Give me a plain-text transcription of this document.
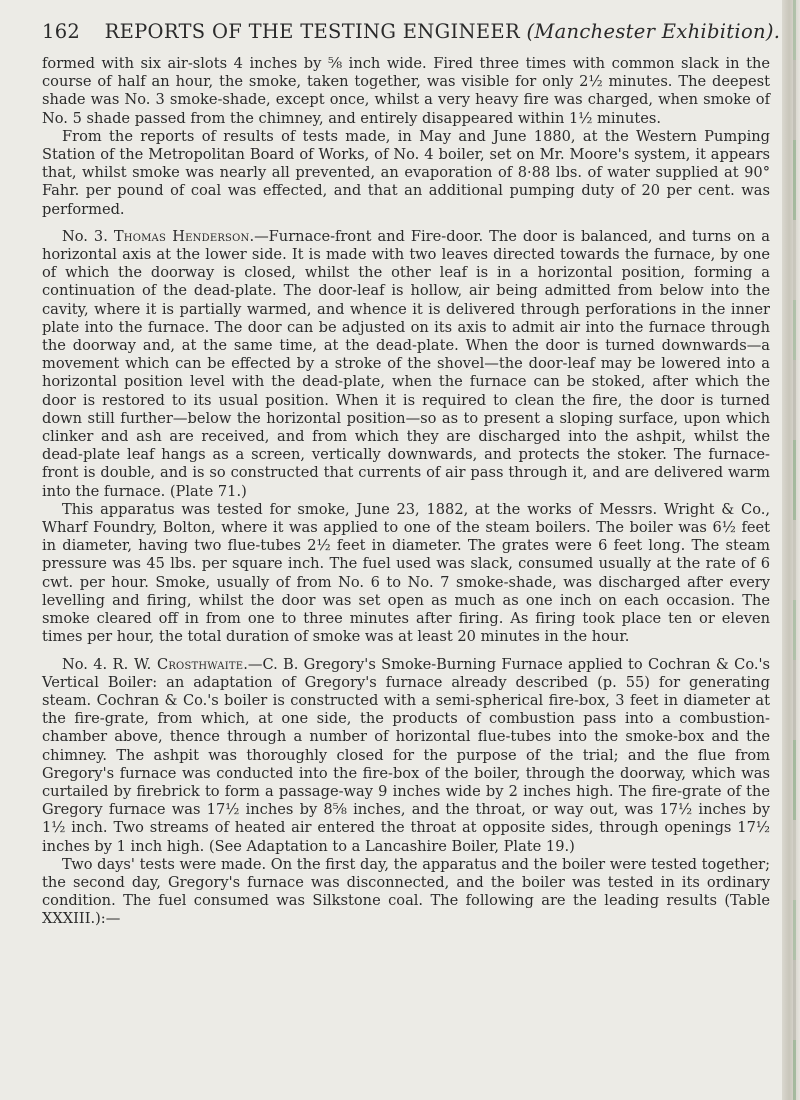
162 REPORTS OF THE TESTING ENGINEER (Manchester Exhibition).

formed with six air-slots 4 inches by ⅝ inch wide. Fired three times with common slack in the course of half an hour, the smoke, taken together, was visible for only 2½ minutes. The deepest shade was No. 3 smoke-shade, except once, whilst a very heavy fire was charged, when smoke of No. 5 shade passed from the chimney, and entirely disappeared within 1½ minutes.

From the reports of results of tests made, in May and June 1880, at the Western Pumping Station of the Metropolitan Board of Works, of No. 4 boiler, set on Mr. Moore's system, it appears that, whilst smoke was nearly all prevented, an evaporation of 8·88 lbs. of water supplied at 90° Fahr. per pound of coal was effected, and that an additional pumping duty of 20 per cent. was performed.

No. 3. Thomas Henderson.—Furnace-front and Fire-door. The door is balanced, and turns on a horizontal axis at the lower side. It is made with two leaves directed towards the furnace, by one of which the doorway is closed, whilst the other leaf is in a horizontal position, forming a continuation of the dead-plate. The door-leaf is hollow, air being admitted from below into the cavity, where it is partially warmed, and whence it is delivered through perforations in the inner plate into the furnace. The door can be adjusted on its axis to admit air into the furnace through the doorway and, at the same time, at the dead-plate. When the door is turned downwards—a movement which can be effected by a stroke of the shovel—the door-leaf may be lowered into a horizontal position level with the dead-plate, when the furnace can be stoked, after which the door is restored to its usual position. When it is required to clean the fire, the door is turned down still further—below the horizontal position—so as to present a sloping surface, upon which clinker and ash are received, and from which they are discharged into the ashpit, whilst the dead-plate leaf hangs as a screen, vertically downwards, and protects the stoker. The furnace-front is double, and is so constructed that currents of air pass through it, and are delivered warm into the furnace. (Plate 71.)

This apparatus was tested for smoke, June 23, 1882, at the works of Messrs. Wright & Co., Wharf Foundry, Bolton, where it was applied to one of the steam boilers. The boiler was 6½ feet in diameter, having two flue-tubes 2½ feet in diameter. The grates were 6 feet long. The steam pressure was 45 lbs. per square inch. The fuel used was slack, consumed usually at the rate of 6 cwt. per hour. Smoke, usually of from No. 6 to No. 7 smoke-shade, was discharged after every levelling and firing, whilst the door was set open as much as one inch on each occasion. The smoke cleared off in from one to three minutes after firing. As firing took place ten or eleven times per hour, the total duration of smoke was at least 20 minutes in the hour.

No. 4. R. W. Crosthwaite.—C. B. Gregory's Smoke-Burning Furnace applied to Cochran & Co.'s Vertical Boiler: an adaptation of Gregory's furnace already described (p. 55) for generating steam. Cochran & Co.'s boiler is constructed with a semi-spherical fire-box, 3 feet in diameter at the fire-grate, from which, at one side, the products of combustion pass into a combustion-chamber above, thence through a number of horizontal flue-tubes into the smoke-box and the chimney. The ashpit was thoroughly closed for the purpose of the trial; and the flue from Gregory's furnace was conducted into the fire-box of the boiler, through the doorway, which was curtailed by firebrick to form a passage-way 9 inches wide by 2 inches high. The fire-grate of the Gregory furnace was 17½ inches by 8⅝ inches, and the throat, or way out, was 17½ inches by 1½ inch. Two streams of heated air entered the throat at opposite sides, through openings 17½ inches by 1 inch high. (See Adaptation to a Lancashire Boiler, Plate 19.)

Two days' tests were made. On the first day, the apparatus and the boiler were tested together; the second day, Gregory's furnace was disconnected, and the boiler was tested in its ordinary condition. The fuel consumed was Silkstone coal. The following are the leading results (Table XXXIII.):—
